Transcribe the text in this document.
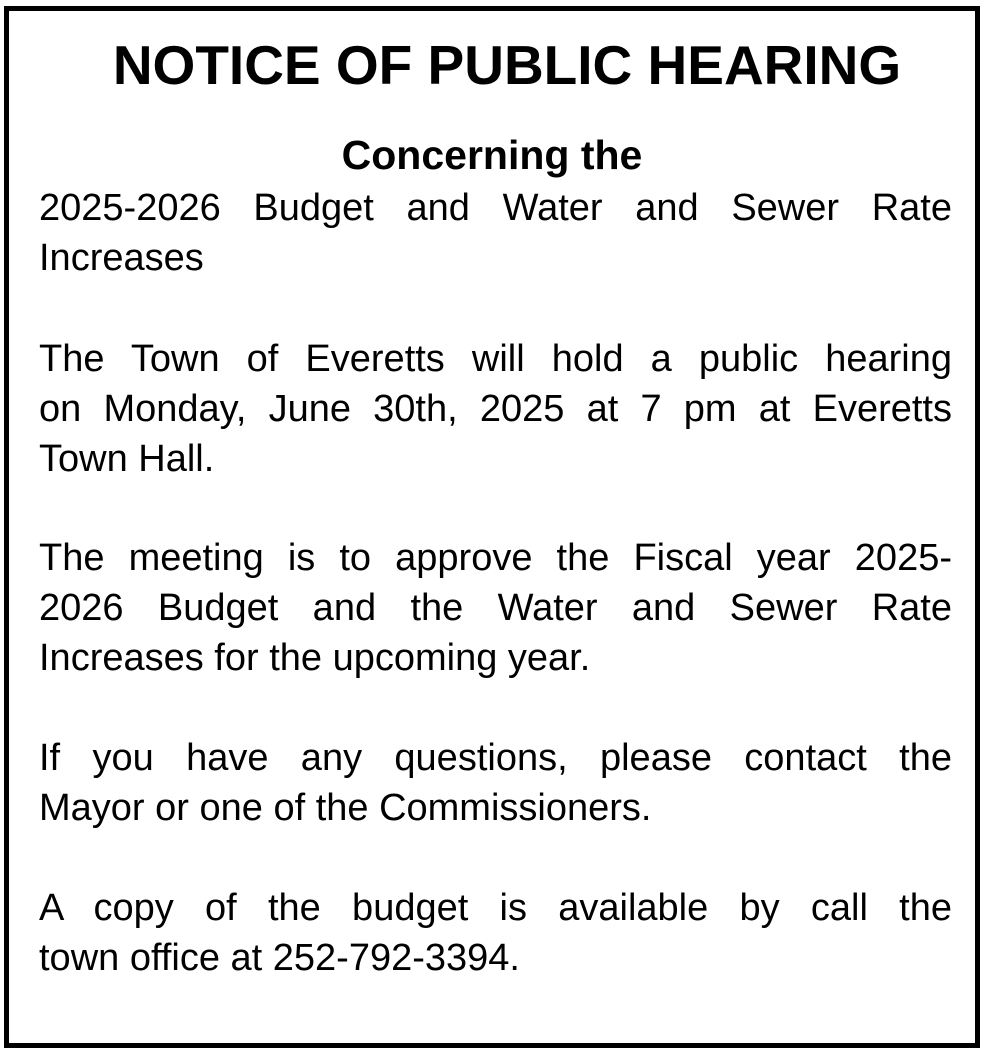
NOTICE OF PUBLIC HEARING
Concerning the
2025-2026 Budget and Water and Sewer Rate
Increases
The Town of Everetts will hold a public hearing
on Monday, June 30th, 2025 at 7 pm at Everetts
Town Hall.
The meeting is to approve the Fiscal year 2025-
2026 Budget and the Water and Sewer Rate
Increases for the upcoming year.
If you have any questions, please contact the
Mayor or one of the Commissioners.
A copy of the budget is available by call the
town office at 252-792-3394.
